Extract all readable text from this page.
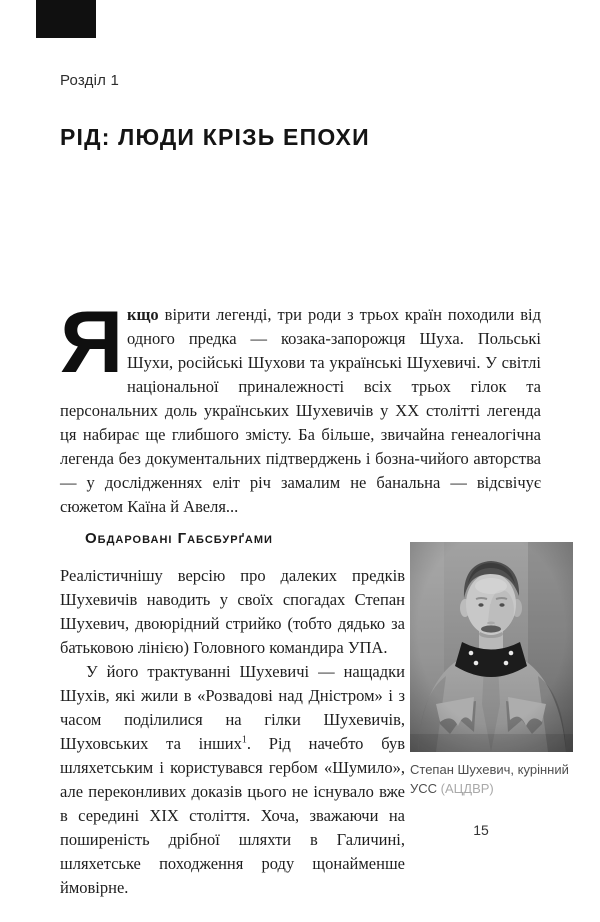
Розділ 1
РІД: ЛЮДИ КРІЗЬ ЕПОХИ

Якщо вірити легенді, три роди з трьох країн походили від одного предка — козака-запорожця Шуха. Польські Шухи, російські Шухови та українські Шухевичі. У світлі національної приналежності всіх трьох гілок та персональних доль українських Шухевичів у ХХ столітті легенда ця набирає ще глибшого змісту. Ба більше, звичайна генеалогічна легенда без документальних підтверджень і бозна-чийого авторства — у дослідженнях еліт річ замалим не банальна — відсвічує сюжетом Каїна й Авеля...

Обдаровані Габсбурґами

Реалістичнішу версію про далеких предків Шухевичів наводить у своїх спогадах Степан Шухевич, двоюрідний стрийко (тобто дядько за батьковою лінією) Головного командира УПА.

У його трактуванні Шухевичі — нащадки Шухів, які жили в «Розвадові над Дністром» і з часом поділилися на гілки Шухевичів, Шуховських та інших$^1$. Рід начебто був шляхетським і користувався гербом «Шумило», але переконливих доказів цього не існувало вже в середині ХІХ століття. Хоча, зважаючи на поширеність дрібної шляхти в Галичині, шляхетське походження роду щонайменше ймовірне.

Степан Шухевич, курінний УСС (АЦДВР)
15
